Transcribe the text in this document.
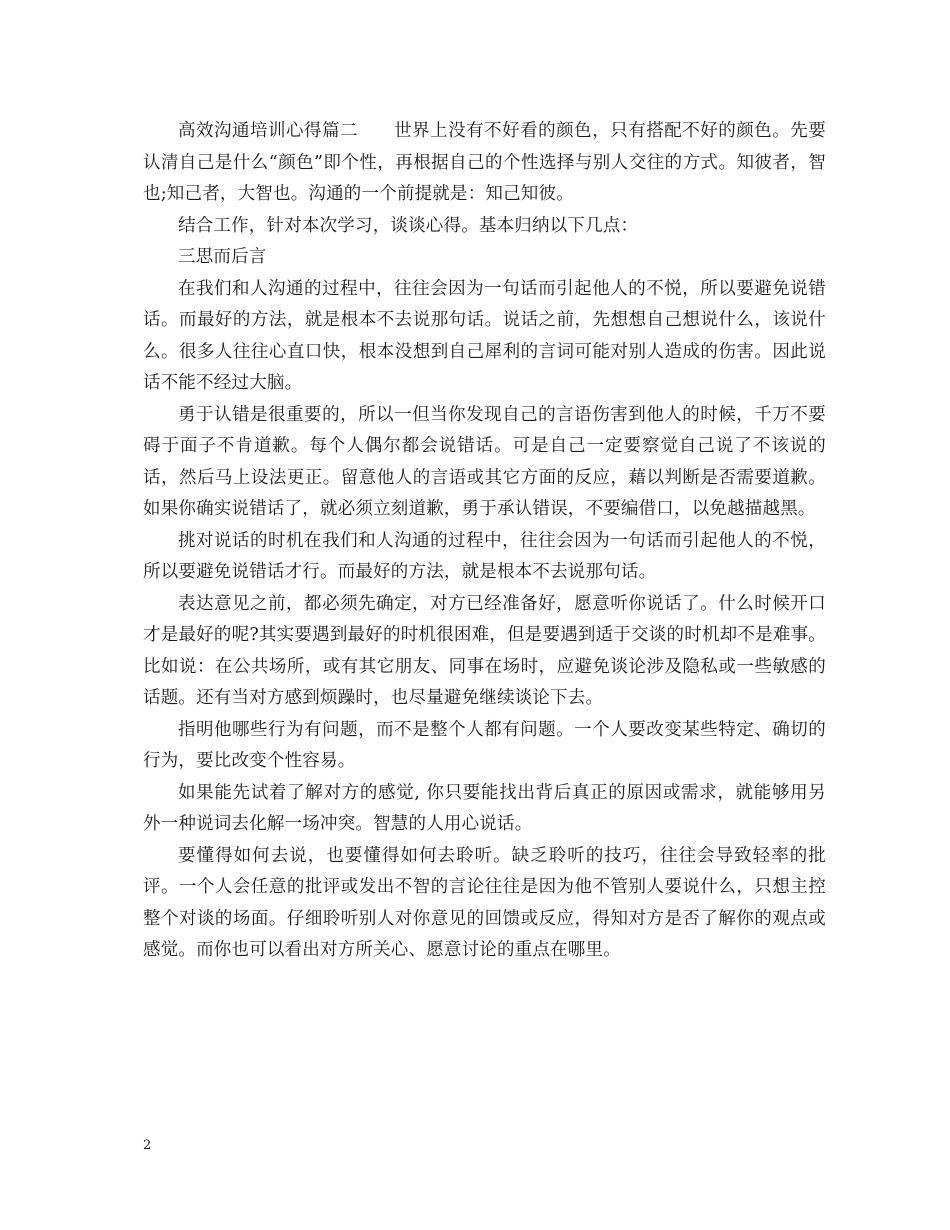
高效沟通培训心得篇二　　世界上没有不好看的颜色，只有搭配不好的颜色。先要认清自己是什么“颜色”即个性，再根据自己的个性选择与别人交往的方式。知彼者，智也;知己者，大智也。沟通的一个前提就是：知己知彼。

结合工作，针对本次学习，谈谈心得。基本归纳以下几点：

三思而后言

在我们和人沟通的过程中，往往会因为一句话而引起他人的不悦，所以要避免说错话。而最好的方法，就是根本不去说那句话。说话之前，先想想自己想说什么，该说什么。很多人往往心直口快，根本没想到自己犀利的言词可能对别人造成的伤害。因此说话不能不经过大脑。

勇于认错是很重要的，所以一但当你发现自己的言语伤害到他人的时候，千万不要碍于面子不肯道歉。每个人偶尔都会说错话。可是自己一定要察觉自己说了不该说的话，然后马上设法更正。留意他人的言语或其它方面的反应，藉以判断是否需要道歉。如果你确实说错话了，就必须立刻道歉，勇于承认错误，不要编借口，以免越描越黑。

挑对说话的时机在我们和人沟通的过程中，往往会因为一句话而引起他人的不悦，所以要避免说错话才行。而最好的方法，就是根本不去说那句话。

表达意见之前，都必须先确定，对方已经准备好，愿意听你说话了。什么时候开口才是最好的呢?其实要遇到最好的时机很困难，但是要遇到适于交谈的时机却不是难事。比如说：在公共场所，或有其它朋友、同事在场时，应避免谈论涉及隐私或一些敏感的话题。还有当对方感到烦躁时，也尽量避免继续谈论下去。

指明他哪些行为有问题，而不是整个人都有问题。一个人要改变某些特定、确切的行为，要比改变个性容易。

如果能先试着了解对方的感觉, 你只要能找出背后真正的原因或需求，就能够用另外一种说词去化解一场冲突。智慧的人用心说话。

要懂得如何去说，也要懂得如何去聆听。缺乏聆听的技巧，往往会导致轻率的批评。一个人会任意的批评或发出不智的言论往往是因为他不管别人要说什么，只想主控整个对谈的场面。仔细聆听别人对你意见的回馈或反应，得知对方是否了解你的观点或感觉。而你也可以看出对方所关心、愿意讨论的重点在哪里。

2
